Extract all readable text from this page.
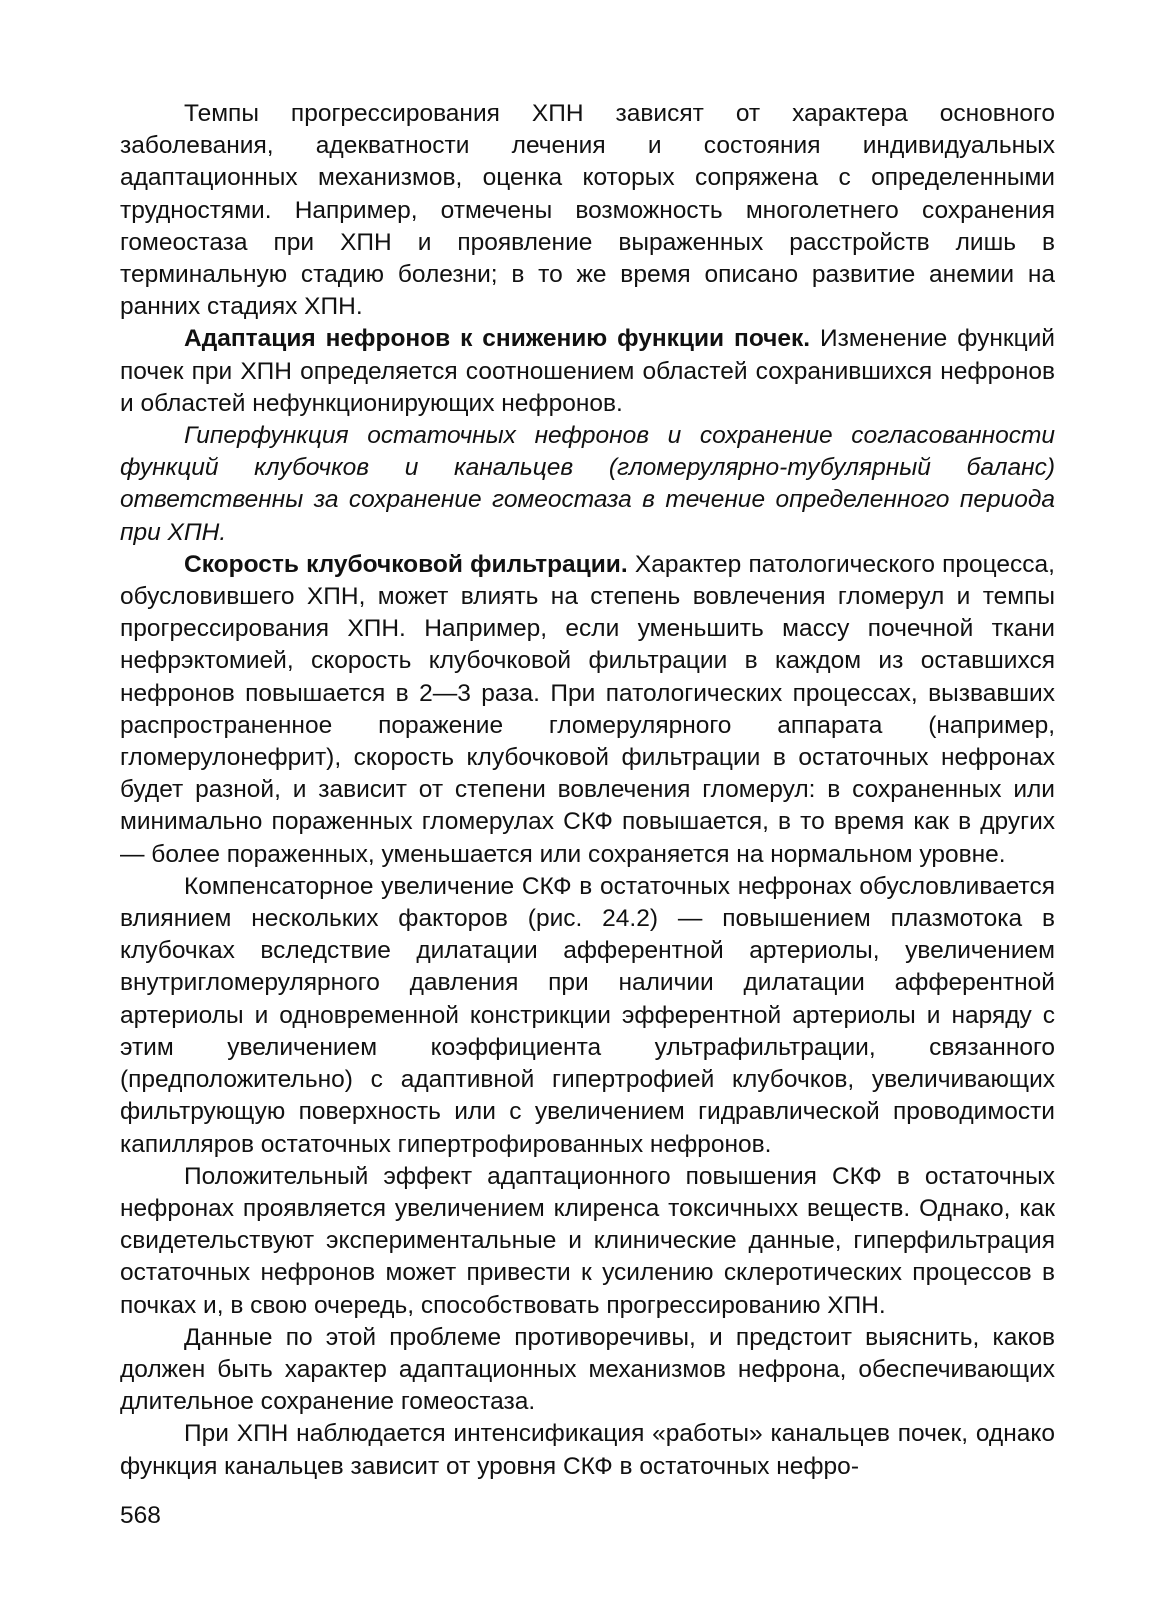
Темпы прогрессирования ХПН зависят от характера основного заболевания, адекватности лечения и состояния индивидуальных адаптационных механизмов, оценка которых сопряжена с определенными трудностями. Например, отмечены возможность многолетнего сохранения гомеостаза при ХПН и проявление выраженных расстройств лишь в терминальную стадию болезни; в то же время описано развитие анемии на ранних стадиях ХПН.

Адаптация нефронов к снижению функции почек. Изменение функций почек при ХПН определяется соотношением областей сохранившихся нефронов и областей нефункционирующих нефронов.

Гиперфункция остаточных нефронов и сохранение согласованности функций клубочков и канальцев (гломерулярно-тубулярный баланс) ответственны за сохранение гомеостаза в течение определенного периода при ХПН.

Скорость клубочковой фильтрации. Характер патологического процесса, обусловившего ХПН, может влиять на степень вовлечения гломерул и темпы прогрессирования ХПН. Например, если уменьшить массу почечной ткани нефрэктомией, скорость клубочковой фильтрации в каждом из оставшихся нефронов повышается в 2—3 раза. При патологических процессах, вызвавших распространенное поражение гломерулярного аппарата (например, гломерулонефрит), скорость клубочковой фильтрации в остаточных нефронах будет разной, и зависит от степени вовлечения гломерул: в сохраненных или минимально пораженных гломерулах СКФ повышается, в то время как в других — более пораженных, уменьшается или сохраняется на нормальном уровне.

Компенсаторное увеличение СКФ в остаточных нефронах обусловливается влиянием нескольких факторов (рис. 24.2) — повышением плазмотока в клубочках вследствие дилатации афферентной артериолы, увеличением внутригломерулярного давления при наличии дилатации афферентной артериолы и одновременной констрикции эфферентной артериолы и наряду с этим увеличением коэффициента ультрафильтрации, связанного (предположительно) с адаптивной гипертрофией клубочков, увеличивающих фильтрующую поверхность или с увеличением гидравлической проводимости капилляров остаточных гипертрофированных нефронов.

Положительный эффект адаптационного повышения СКФ в остаточных нефронах проявляется увеличением клиренса токсичныхх веществ. Однако, как свидетельствуют экспериментальные и клинические данные, гиперфильтрация остаточных нефронов может привести к усилению склеротических процессов в почках и, в свою очередь, способствовать прогрессированию ХПН.

Данные по этой проблеме противоречивы, и предстоит выяснить, каков должен быть характер адаптационных механизмов нефрона, обеспечивающих длительное сохранение гомеостаза.

При ХПН наблюдается интенсификация «работы» канальцев почек, однако функция канальцев зависит от уровня СКФ в остаточных нефро-

568
